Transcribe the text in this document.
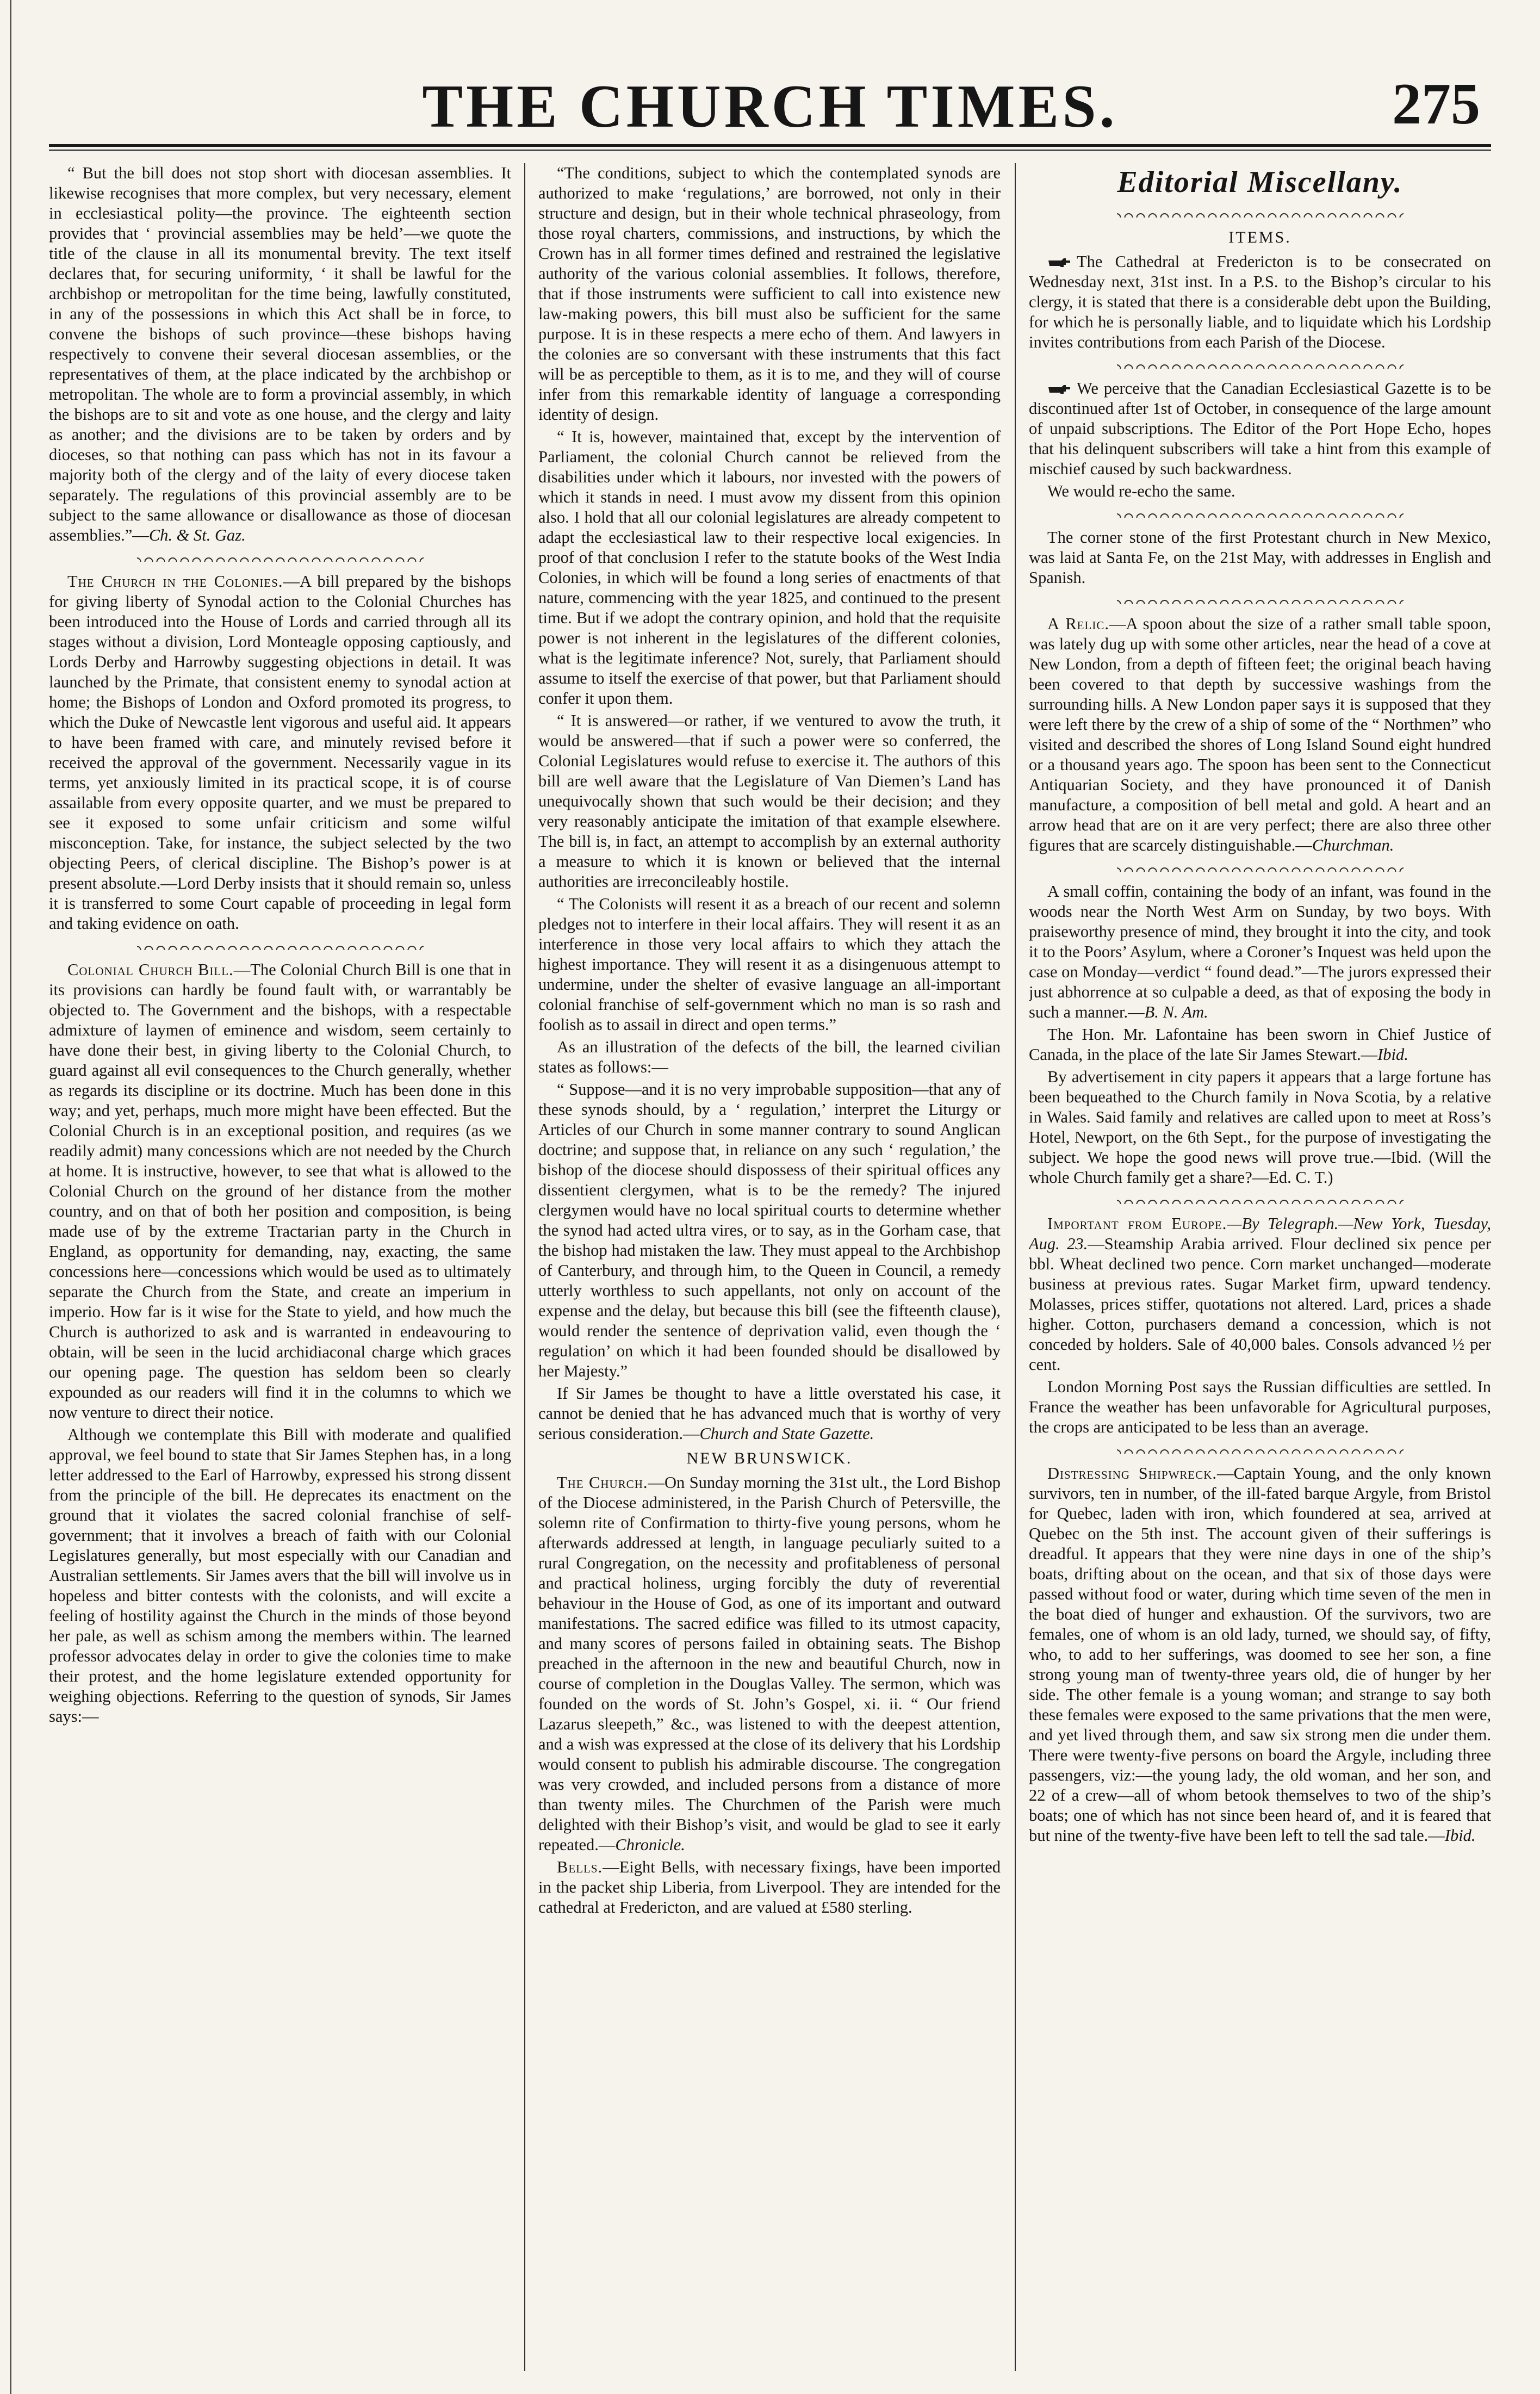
THE CHURCH TIMES.	275

“ But the bill does not stop short with diocesan assemblies. It likewise recognises that more complex, but very necessary, element in ecclesiastical polity—the province. The eighteenth section provides that ‘ provincial assemblies may be held’—we quote the title of the clause in all its monumental brevity. The text itself declares that, for securing uniformity, ‘ it shall be lawful for the archbishop or metropolitan for the time being, lawfully constituted, in any of the possessions in which this Act shall be in force, to convene the bishops of such province—these bishops having respectively to convene their several diocesan assemblies, or the representatives of them, at the place indicated by the archbishop or metropolitan. The whole are to form a provincial assembly, in which the bishops are to sit and vote as one house, and the clergy and laity as another; and the divisions are to be taken by orders and by dioceses, so that nothing can pass which has not in its favour a majority both of the clergy and of the laity of every diocese taken separately. The regulations of this provincial assembly are to be subject to the same allowance or disallowance as those of diocesan assemblies.”—Ch. & St. Gaz.

The Church in the Colonies.—A bill prepared by the bishops for giving liberty of Synodal action to the Colonial Churches has been introduced into the House of Lords and carried through all its stages without a division, Lord Monteagle opposing captiously, and Lords Derby and Harrowby suggesting objections in detail. It was launched by the Primate, that consistent enemy to synodal action at home; the Bishops of London and Oxford promoted its progress, to which the Duke of Newcastle lent vigorous and useful aid. It appears to have been framed with care, and minutely revised before it received the approval of the government. Necessarily vague in its terms, yet anxiously limited in its practical scope, it is of course assailable from every opposite quarter, and we must be prepared to see it exposed to some unfair criticism and some wilful misconception. Take, for instance, the subject selected by the two objecting Peers, of clerical discipline. The Bishop’s power is at present absolute.—Lord Derby insists that it should remain so, unless it is transferred to some Court capable of proceeding in legal form and taking evidence on oath.

Colonial Church Bill.—The Colonial Church Bill is one that in its provisions can hardly be found fault with, or warrantably be objected to. The Government and the bishops, with a respectable admixture of laymen of eminence and wisdom, seem certainly to have done their best, in giving liberty to the Colonial Church, to guard against all evil consequences to the Church generally, whether as regards its discipline or its doctrine. Much has been done in this way; and yet, perhaps, much more might have been effected. But the Colonial Church is in an exceptional position, and requires (as we readily admit) many concessions which are not needed by the Church at home. It is instructive, however, to see that what is allowed to the Colonial Church on the ground of her distance from the mother country, and on that of both her position and composition, is being made use of by the extreme Tractarian party in the Church in England, as opportunity for demanding, nay, exacting, the same concessions here—concessions which would be used as to ultimately separate the Church from the State, and create an imperium in imperio. How far is it wise for the State to yield, and how much the Church is authorized to ask and is warranted in endeavouring to obtain, will be seen in the lucid archidiaconal charge which graces our opening page. The question has seldom been so clearly expounded as our readers will find it in the columns to which we now venture to direct their notice.

Although we contemplate this Bill with moderate and qualified approval, we feel bound to state that Sir James Stephen has, in a long letter addressed to the Earl of Harrowby, expressed his strong dissent from the principle of the bill. He deprecates its enactment on the ground that it violates the sacred colonial franchise of self-government; that it involves a breach of faith with our Colonial Legislatures generally, but most especially with our Canadian and Australian settlements. Sir James avers that the bill will involve us in hopeless and bitter contests with the colonists, and will excite a feeling of hostility against the Church in the minds of those beyond her pale, as well as schism among the members within. The learned professor advocates delay in order to give the colonies time to make their protest, and the home legislature extended opportunity for weighing objections. Referring to the question of synods, Sir James says:—

“The conditions, subject to which the contemplated synods are authorized to make ‘regulations,’ are borrowed, not only in their structure and design, but in their whole technical phraseology, from those royal charters, commissions, and instructions, by which the Crown has in all former times defined and restrained the legislative authority of the various colonial assemblies. It follows, therefore, that if those instruments were sufficient to call into existence new law-making powers, this bill must also be sufficient for the same purpose. It is in these respects a mere echo of them. And lawyers in the colonies are so conversant with these instruments that this fact will be as perceptible to them, as it is to me, and they will of course infer from this remarkable identity of language a corresponding identity of design.

“ It is, however, maintained that, except by the intervention of Parliament, the colonial Church cannot be relieved from the disabilities under which it labours, nor invested with the powers of which it stands in need. I must avow my dissent from this opinion also. I hold that all our colonial legislatures are already competent to adapt the ecclesiastical law to their respective local exigencies. In proof of that conclusion I refer to the statute books of the West India Colonies, in which will be found a long series of enactments of that nature, commencing with the year 1825, and continued to the present time. But if we adopt the contrary opinion, and hold that the requisite power is not inherent in the legislatures of the different colonies, what is the legitimate inference? Not, surely, that Parliament should assume to itself the exercise of that power, but that Parliament should confer it upon them.

“ It is answered—or rather, if we ventured to avow the truth, it would be answered—that if such a power were so conferred, the Colonial Legislatures would refuse to exercise it. The authors of this bill are well aware that the Legislature of Van Diemen’s Land has unequivocally shown that such would be their decision; and they very reasonably anticipate the imitation of that example elsewhere. The bill is, in fact, an attempt to accomplish by an external authority a measure to which it is known or believed that the internal authorities are irreconcileably hostile.

“ The Colonists will resent it as a breach of our recent and solemn pledges not to interfere in their local affairs. They will resent it as an interference in those very local affairs to which they attach the highest importance. They will resent it as a disingenuous attempt to undermine, under the shelter of evasive language an all-important colonial franchise of self-government which no man is so rash and foolish as to assail in direct and open terms.”

As an illustration of the defects of the bill, the learned civilian states as follows:—

“ Suppose—and it is no very improbable supposition—that any of these synods should, by a ‘ regulation,’ interpret the Liturgy or Articles of our Church in some manner contrary to sound Anglican doctrine; and suppose that, in reliance on any such ‘ regulation,’ the bishop of the diocese should dispossess of their spiritual offices any dissentient clergymen, what is to be the remedy? The injured clergymen would have no local spiritual courts to determine whether the synod had acted ultra vires, or to say, as in the Gorham case, that the bishop had mistaken the law. They must appeal to the Archbishop of Canterbury, and through him, to the Queen in Council, a remedy utterly worthless to such appellants, not only on account of the expense and the delay, but because this bill (see the fifteenth clause), would render the sentence of deprivation valid, even though the ‘ regulation’ on which it had been founded should be disallowed by her Majesty.”

If Sir James be thought to have a little overstated his case, it cannot be denied that he has advanced much that is worthy of very serious consideration.—Church and State Gazette.

NEW BRUNSWICK.

The Church.—On Sunday morning the 31st ult., the Lord Bishop of the Diocese administered, in the Parish Church of Petersville, the solemn rite of Confirmation to thirty-five young persons, whom he afterwards addressed at length, in language peculiarly suited to a rural Congregation, on the necessity and profitableness of personal and practical holiness, urging forcibly the duty of reverential behaviour in the House of God, as one of its important and outward manifestations. The sacred edifice was filled to its utmost capacity, and many scores of persons failed in obtaining seats. The Bishop preached in the afternoon in the new and beautiful Church, now in course of completion in the Douglas Valley. The sermon, which was founded on the words of St. John’s Gospel, xi. ii. “ Our friend Lazarus sleepeth,” &c., was listened to with the deepest attention, and a wish was expressed at the close of its delivery that his Lordship would consent to publish his admirable discourse. The congregation was very crowded, and included persons from a distance of more than twenty miles. The Churchmen of the Parish were much delighted with their Bishop’s visit, and would be glad to see it early repeated.—Chronicle.

Bells.—Eight Bells, with necessary fixings, have been imported in the packet ship Liberia, from Liverpool. They are intended for the cathedral at Fredericton, and are valued at £580 sterling.

Editorial Miscellany.
ITEMS.

The Cathedral at Fredericton is to be consecrated on Wednesday next, 31st inst. In a P.S. to the Bishop’s circular to his clergy, it is stated that there is a considerable debt upon the Building, for which he is personally liable, and to liquidate which his Lordship invites contributions from each Parish of the Diocese.

We perceive that the Canadian Ecclesiastical Gazette is to be discontinued after 1st of October, in consequence of the large amount of unpaid subscriptions. The Editor of the Port Hope Echo, hopes that his delinquent subscribers will take a hint from this example of mischief caused by such backwardness.

We would re-echo the same.

The corner stone of the first Protestant church in New Mexico, was laid at Santa Fe, on the 21st May, with addresses in English and Spanish.

A Relic.—A spoon about the size of a rather small table spoon, was lately dug up with some other articles, near the head of a cove at New London, from a depth of fifteen feet; the original beach having been covered to that depth by successive washings from the surrounding hills. A New London paper says it is supposed that they were left there by the crew of a ship of some of the “ Northmen” who visited and described the shores of Long Island Sound eight hundred or a thousand years ago. The spoon has been sent to the Connecticut Antiquarian Society, and they have pronounced it of Danish manufacture, a composition of bell metal and gold. A heart and an arrow head that are on it are very perfect; there are also three other figures that are scarcely distinguishable.—Churchman.

A small coffin, containing the body of an infant, was found in the woods near the North West Arm on Sunday, by two boys. With praiseworthy presence of mind, they brought it into the city, and took it to the Poors’ Asylum, where a Coroner’s Inquest was held upon the case on Monday—verdict “ found dead.”—The jurors expressed their just abhorrence at so culpable a deed, as that of exposing the body in such a manner.—B. N. Am.

The Hon. Mr. Lafontaine has been sworn in Chief Justice of Canada, in the place of the late Sir James Stewart.—Ibid.

By advertisement in city papers it appears that a large fortune has been bequeathed to the Church family in Nova Scotia, by a relative in Wales. Said family and relatives are called upon to meet at Ross’s Hotel, Newport, on the 6th Sept., for the purpose of investigating the subject. We hope the good news will prove true.—Ibid. (Will the whole Church family get a share?—Ed. C. T.)

Important from Europe.—By Telegraph.—New York, Tuesday, Aug. 23.—Steamship Arabia arrived. Flour declined six pence per bbl. Wheat declined two pence. Corn market unchanged—moderate business at previous rates. Sugar Market firm, upward tendency. Molasses, prices stiffer, quotations not altered. Lard, prices a shade higher. Cotton, purchasers demand a concession, which is not conceded by holders. Sale of 40,000 bales. Consols advanced ½ per cent.

London Morning Post says the Russian difficulties are settled. In France the weather has been unfavorable for Agricultural purposes, the crops are anticipated to be less than an average.

Distressing Shipwreck.—Captain Young, and the only known survivors, ten in number, of the ill-fated barque Argyle, from Bristol for Quebec, laden with iron, which foundered at sea, arrived at Quebec on the 5th inst. The account given of their sufferings is dreadful. It appears that they were nine days in one of the ship’s boats, drifting about on the ocean, and that six of those days were passed without food or water, during which time seven of the men in the boat died of hunger and exhaustion. Of the survivors, two are females, one of whom is an old lady, turned, we should say, of fifty, who, to add to her sufferings, was doomed to see her son, a fine strong young man of twenty-three years old, die of hunger by her side. The other female is a young woman; and strange to say both these females were exposed to the same privations that the men were, and yet lived through them, and saw six strong men die under them. There were twenty-five persons on board the Argyle, including three passengers, viz:—the young lady, the old woman, and her son, and 22 of a crew—all of whom betook themselves to two of the ship’s boats; one of which has not since been heard of, and it is feared that but nine of the twenty-five have been left to tell the sad tale.—Ibid.
